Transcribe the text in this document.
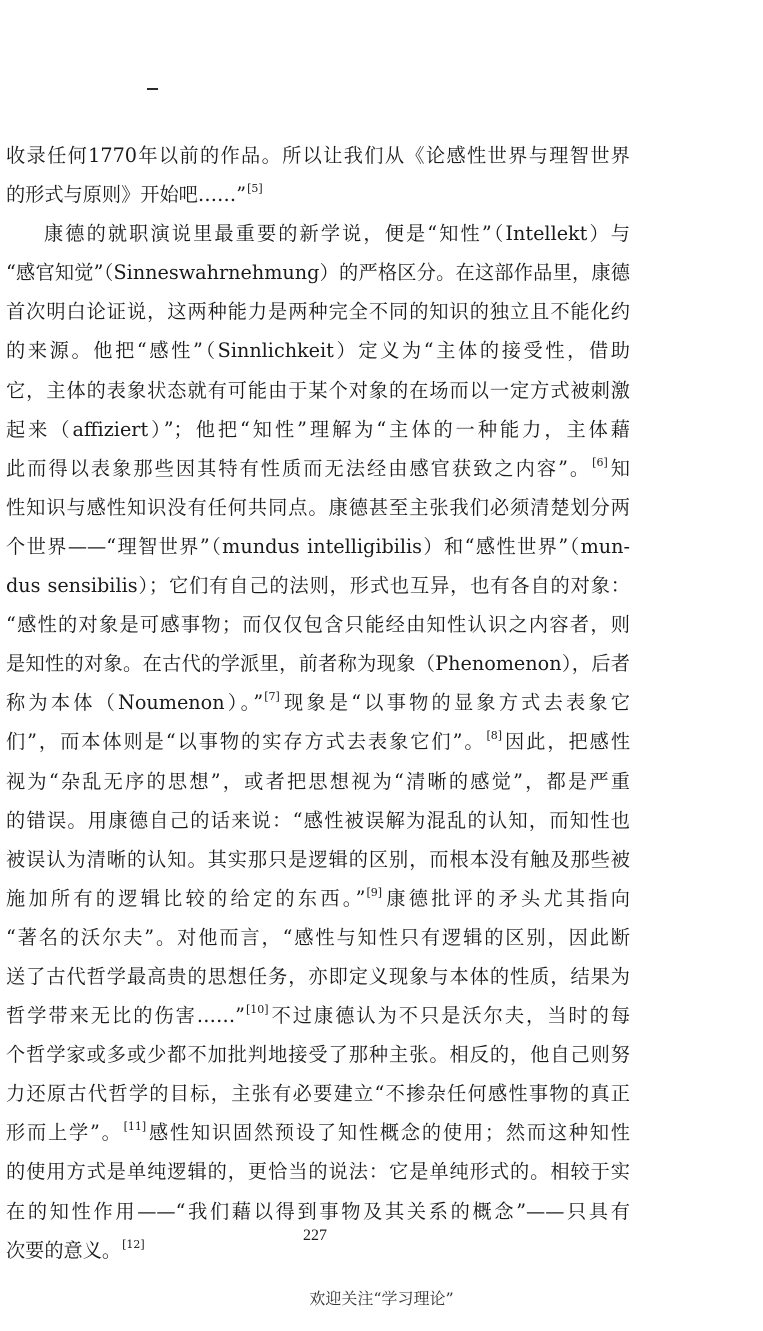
收录任何1770年以前的作品。所以让我们从《论感性世界与理智世界
的形式与原则》开始吧……”[5]
康德的就职演说里最重要的新学说，便是“知性”（Intellekt）与
“感官知觉”（Sinneswahrnehmung）的严格区分。在这部作品里，康德
首次明白论证说，这两种能力是两种完全不同的知识的独立且不能化约
的来源。他把“感性”（Sinnlichkeit）定义为“主体的接受性，借助
它，主体的表象状态就有可能由于某个对象的在场而以一定方式被刺激
起来（affiziert）”；他把“知性”理解为“主体的一种能力，主体藉
此而得以表象那些因其特有性质而无法经由感官获致之内容”。[6]知
性知识与感性知识没有任何共同点。康德甚至主张我们必须清楚划分两
个世界——“理智世界”（mundus intelligibilis）和“感性世界”（mun-
dus sensibilis）；它们有自己的法则，形式也互异，也有各自的对象：
“感性的对象是可感事物；而仅仅包含只能经由知性认识之内容者，则
是知性的对象。在古代的学派里，前者称为现象（Phenomenon），后者
称为本体（Noumenon）。”[7]现象是“以事物的显象方式去表象它
们”，而本体则是“以事物的实存方式去表象它们”。[8]因此，把感性
视为“杂乱无序的思想”，或者把思想视为“清晰的感觉”，都是严重
的错误。用康德自己的话来说：“感性被误解为混乱的认知，而知性也
被误认为清晰的认知。其实那只是逻辑的区别，而根本没有触及那些被
施加所有的逻辑比较的给定的东西。”[9]康德批评的矛头尤其指向
“著名的沃尔夫”。对他而言，“感性与知性只有逻辑的区别，因此断
送了古代哲学最高贵的思想任务，亦即定义现象与本体的性质，结果为
哲学带来无比的伤害……”[10]不过康德认为不只是沃尔夫，当时的每
个哲学家或多或少都不加批判地接受了那种主张。相反的，他自己则努
力还原古代哲学的目标，主张有必要建立“不掺杂任何感性事物的真正
形而上学”。[11]感性知识固然预设了知性概念的使用；然而这种知性
的使用方式是单纯逻辑的，更恰当的说法：它是单纯形式的。相较于实
在的知性作用——“我们藉以得到事物及其关系的概念”——只具有
次要的意义。[12]
227
欢迎关注“学习理论”
